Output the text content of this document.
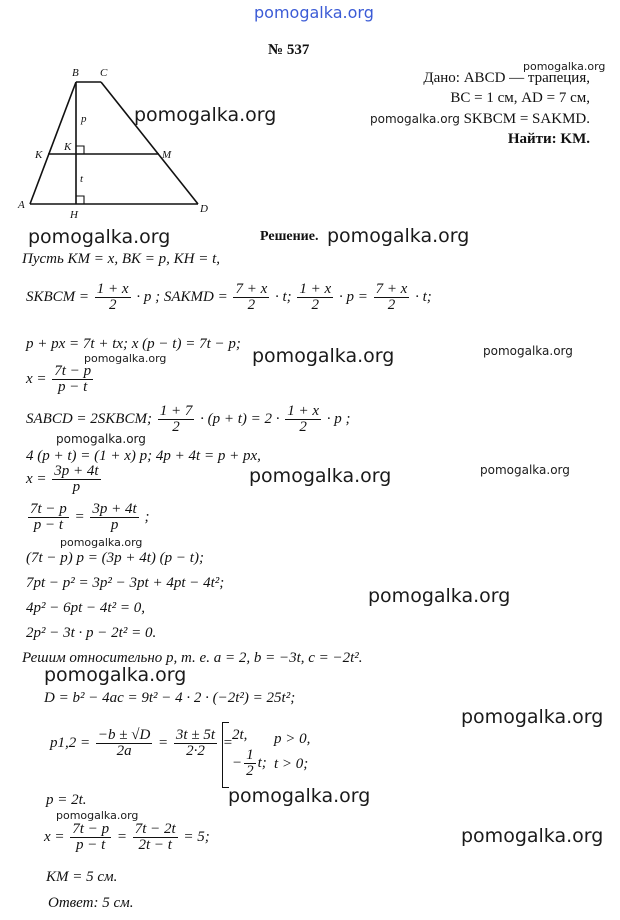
pomogalka.org
№ 537
B C
A	D
K
K
M
H
p
t
pomogalka.org
pomogalka.org	pomogalka.org
pomogalka.org
pomogalka.org
pomogalka.org
pomogalka.org
pomogalka.org
pomogalka.org
pomogalka.org
pomogalka.org
pomogalka.org
pomogalka.org
pomogalka.org
pomogalka.org
pomogalka.org
pomogalka.org
pomogalka.org
Дано: ABCD — трапеция,
BC = 1 см, AD = 7 см,
SKBCM = SAKMD.
Найти: KM.
Решение.
Пусть KM = x, BK = p, KH = t,
SKBCM = $\frac{1 + x}{2} \cdot p$ ; SAKMD = $\frac{7 + x}{2} \cdot t$; $\frac{1 + x}{2} \cdot p = \frac{7 + x}{2} \cdot t$;
p + px = 7t + tx; x (p − t) = 7t − p;
$x = \frac{7t - p}{p - t}$
SABCD = 2SKBCM; $\frac{1 + 7}{2} \cdot (p + t) = 2 \cdot \frac{1 + x}{2} \cdot p$ ;
4 (p + t) = (1 + x) p; 4p + 4t = p + px,
$x = \frac{3p + 4t}{p}$
$\frac{7t - p}{p - t} = \frac{3p + 4t}{p}$ ;
(7t − p) p = (3p + 4t) (p − t);
7pt − p² = 3p² − 3pt + 4pt − 4t²;
4p² − 6pt − 4t² = 0,
2p² − 3t · p − 2t² = 0.
Решим относительно p, т. е. a = 2, b = −3t, c = −2t².
D = b² − 4ac = 9t² − 4 · 2 · (−2t²) = 25t²;
$p1,2 = \frac{-b \pm √D}{2a} = \frac{3t \pm 5t}{2\cdot 2} = 2t$, p > 0,
− $\frac{1}{2} t$; t > 0;
p = 2t.
$x = \frac{7t - p}{p - t} = \frac{7t - 2t}{2t - t} = 5$;
KM = 5 см.
Ответ: 5 см.
